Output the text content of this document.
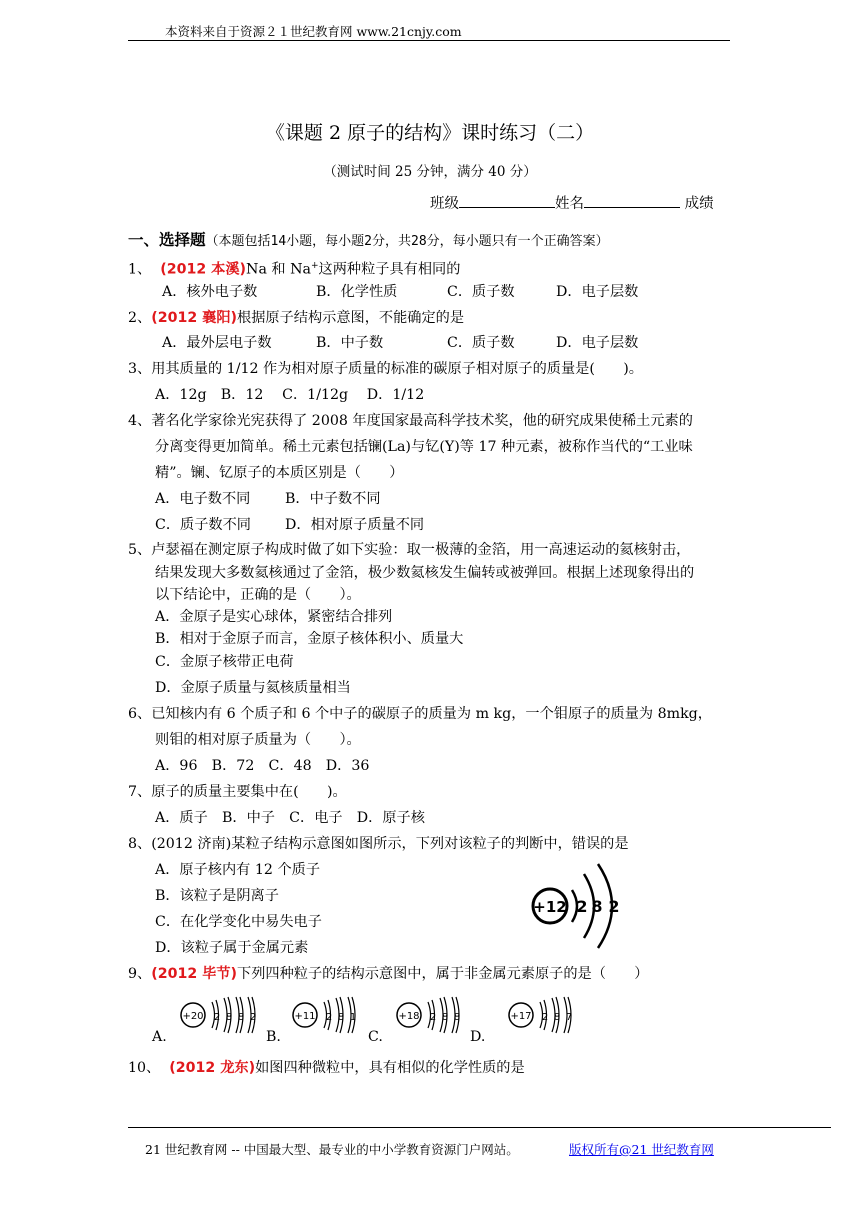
本资料来自于资源２１世纪教育网 www.21cnjy.com
《课题 2 原子的结构》课时练习（二）
（测试时间 25 分钟，满分 40 分）
班级	姓名	成绩
一、选择题（本题包括14小题，每小题2分，共28分，每小题只有一个正确答案）
1、 (2012 本溪)Na 和 Na+这两种粒子具有相同的
A．核外电子数	B．化学性质	C．质子数	D．电子层数
2、(2012 襄阳)根据原子结构示意图，不能确定的是
A．最外层电子数	B．中子数	C．质子数	D．电子层数
3、用其质量的 1/12 作为相对原子质量的标准的碳原子相对原子的质量是(　　)。
A．12g　B．12　 C．1/12g　 D．1/12
4、著名化学家徐光宪获得了 2008 年度国家最高科学技术奖，他的研究成果使稀土元素的
分离变得更加简单。稀土元素包括镧(La)与钇(Y)等 17 种元素，被称作当代的“工业味
精”。镧、钇原子的本质区别是（　　）
A．电子数不同 B．中子数不同
C．质子数不同 D．相对原子质量不同
5、卢瑟福在测定原子构成时做了如下实验：取一极薄的金箔，用一高速运动的氦核射击，
结果发现大多数氦核通过了金箔，极少数氦核发生偏转或被弹回。根据上述现象得出的
以下结论中，正确的是（　　）。
A．金原子是实心球体，紧密结合排列
B．相对于金原子而言，金原子核体积小、质量大
C．金原子核带正电荷
D．金原子质量与氦核质量相当
6、已知核内有 6 个质子和 6 个中子的碳原子的质量为 m kg，一个钼原子的质量为 8mkg，
则钼的相对原子质量为（　　）。
A．96　B．72　C．48　D．36
7、原子的质量主要集中在(　　)。
A．质子　B．中子　C．电子　D．原子核
8、(2012 济南)某粒子结构示意图如图所示，下列对该粒子的判断中，错误的是
A．原子核内有 12 个质子
B．该粒子是阴离子
C．在化学变化中易失电子
D．该粒子属于金属元素
+12 2 8 2
9、(2012 毕节)下列四种粒子的结构示意图中，属于非金属元素原子的是（　　）
A.
+20 2 8 8 2
B.
+11 2 8 1
C.
+18 2 8 8
D.
+17 2 8 7
10、 (2012 龙东)如图四种微粒中，具有相似的化学性质的是
21 世纪教育网 -- 中国最大型、最专业的中小学教育资源门户网站。	版权所有@21 世纪教育网
